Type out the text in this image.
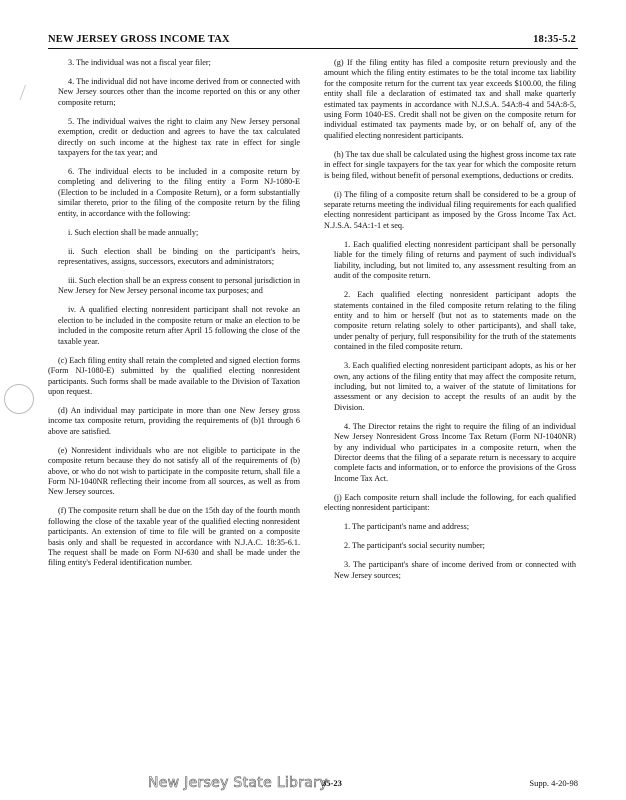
NEW JERSEY GROSS INCOME TAX	18:35-5.2

3. The individual was not a fiscal year filer;

4. The individual did not have income derived from or connected with New Jersey sources other than the income reported on this or any other composite return;

5. The individual waives the right to claim any New Jersey personal exemption, credit or deduction and agrees to have the tax calculated directly on such income at the highest tax rate in effect for single taxpayers for the tax year; and

6. The individual elects to be included in a composite return by completing and delivering to the filing entity a Form NJ-1080-E (Election to be included in a Composite Return), or a form substantially similar thereto, prior to the filing of the composite return by the filing entity, in accordance with the following:

i. Such election shall be made annually;

ii. Such election shall be binding on the participant's heirs, representatives, assigns, successors, executors and administrators;

iii. Such election shall be an express consent to personal jurisdiction in New Jersey for New Jersey personal income tax purposes; and

iv. A qualified electing nonresident participant shall not revoke an election to be included in the composite return or make an election to be included in the composite return after April 15 following the close of the taxable year.

(c) Each filing entity shall retain the completed and signed election forms (Form NJ-1080-E) submitted by the qualified electing nonresident participants. Such forms shall be made available to the Division of Taxation upon request.

(d) An individual may participate in more than one New Jersey gross income tax composite return, providing the requirements of (b)1 through 6 above are satisfied.

(e) Nonresident individuals who are not eligible to participate in the composite return because they do not satisfy all of the requirements of (b) above, or who do not wish to participate in the composite return, shall file a Form NJ-1040NR reflecting their income from all sources, as well as from New Jersey sources.

(f) The composite return shall be due on the 15th day of the fourth month following the close of the taxable year of the qualified electing nonresident participants. An extension of time to file will be granted on a composite basis only and shall be requested in accordance with N.J.A.C. 18:35-6.1. The request shall be made on Form NJ-630 and shall be made under the filing entity's Federal identification number.

(g) If the filing entity has filed a composite return previously and the amount which the filing entity estimates to be the total income tax liability for the composite return for the current tax year exceeds $100.00, the filing entity shall file a declaration of estimated tax and shall make quarterly estimated tax payments in accordance with N.J.S.A. 54A:8-4 and 54A:8-5, using Form 1040-ES. Credit shall not be given on the composite return for individual estimated tax payments made by, or on behalf of, any of the qualified electing nonresident participants.

(h) The tax due shall be calculated using the highest gross income tax rate in effect for single taxpayers for the tax year for which the composite return is being filed, without benefit of personal exemptions, deductions or credits.

(i) The filing of a composite return shall be considered to be a group of separate returns meeting the individual filing requirements for each qualified electing nonresident participant as imposed by the Gross Income Tax Act. N.J.S.A. 54A:1-1 et seq.

1. Each qualified electing nonresident participant shall be personally liable for the timely filing of returns and payment of such individual's liability, including, but not limited to, any assessment resulting from an audit of the composite return.

2. Each qualified electing nonresident participant adopts the statements contained in the filed composite return relating to the filing entity and to him or herself (but not as to statements made on the composite return relating solely to other participants), and shall take, under penalty of perjury, full responsibility for the truth of the statements contained in the filed composite return.

3. Each qualified electing nonresident participant adopts, as his or her own, any actions of the filing entity that may affect the composite return, including, but not limited to, a waiver of the statute of limitations for assessment or any decision to accept the results of an audit by the Division.

4. The Director retains the right to require the filing of an individual New Jersey Nonresident Gross Income Tax Return (Form NJ-1040NR) by any individual who participates in a composite return, when the Director deems that the filing of a separate return is necessary to acquire complete facts and information, or to enforce the provisions of the Gross Income Tax Act.

(j) Each composite return shall include the following, for each qualified electing nonresident participant:

1. The participant's name and address;

2. The participant's social security number;

3. The participant's share of income derived from or connected with New Jersey sources;

New Jersey State Library
35-23	Supp. 4-20-98
